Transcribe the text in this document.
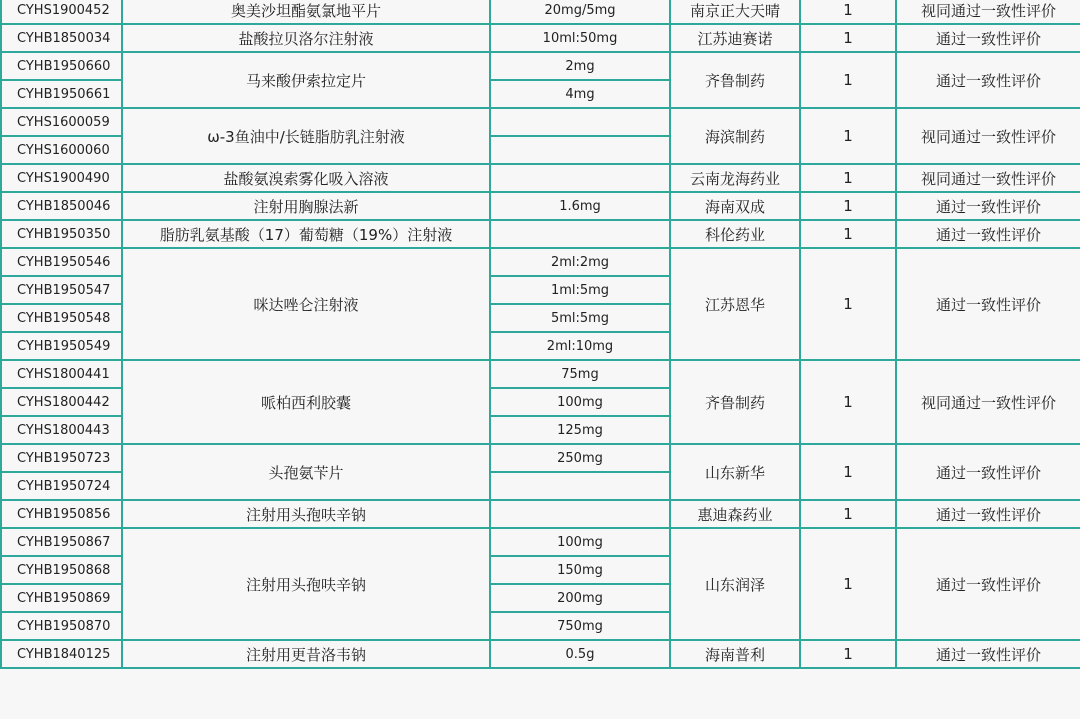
CYHS1900452	奥美沙坦酯氨氯地平片	20mg/5mg	南京正大天晴	1	视同通过一致性评价
CYHB1850034	盐酸拉贝洛尔注射液	10ml:50mg	江苏迪赛诺	1	通过一致性评价
CYHB1950660	马来酸伊索拉定片	2mg	齐鲁制药	1	通过一致性评价
CYHB1950661		4mg			
CYHS1600059	ω-3鱼油中/长链脂肪乳注射液		海滨制药	1	视同通过一致性评价
CYHS1600060					
CYHS1900490	盐酸氨溴索雾化吸入溶液		云南龙海药业	1	视同通过一致性评价
CYHB1850046	注射用胸腺法新	1.6mg	海南双成	1	通过一致性评价
CYHB1950350	脂肪乳氨基酸（17）葡萄糖（19%）注射液		科伦药业	1	通过一致性评价
CYHB1950546	咪达唑仑注射液	2ml:2mg	江苏恩华	1	通过一致性评价
CYHB1950547		1ml:5mg			
CYHB1950548		5ml:5mg			
CYHB1950549		2ml:10mg			
CYHS1800441	哌柏西利胶囊	75mg	齐鲁制药	1	视同通过一致性评价
CYHS1800442		100mg			
CYHS1800443		125mg			
CYHB1950723	头孢氨苄片	250mg	山东新华	1	通过一致性评价
CYHB1950724					
CYHB1950856	注射用头孢呋辛钠		惠迪森药业	1	通过一致性评价
CYHB1950867	注射用头孢呋辛钠	100mg	山东润泽	1	通过一致性评价
CYHB1950868		150mg			
CYHB1950869		200mg			
CYHB1950870		750mg			
CYHB1840125	注射用更昔洛韦钠	0.5g	海南普利	1	通过一致性评价
